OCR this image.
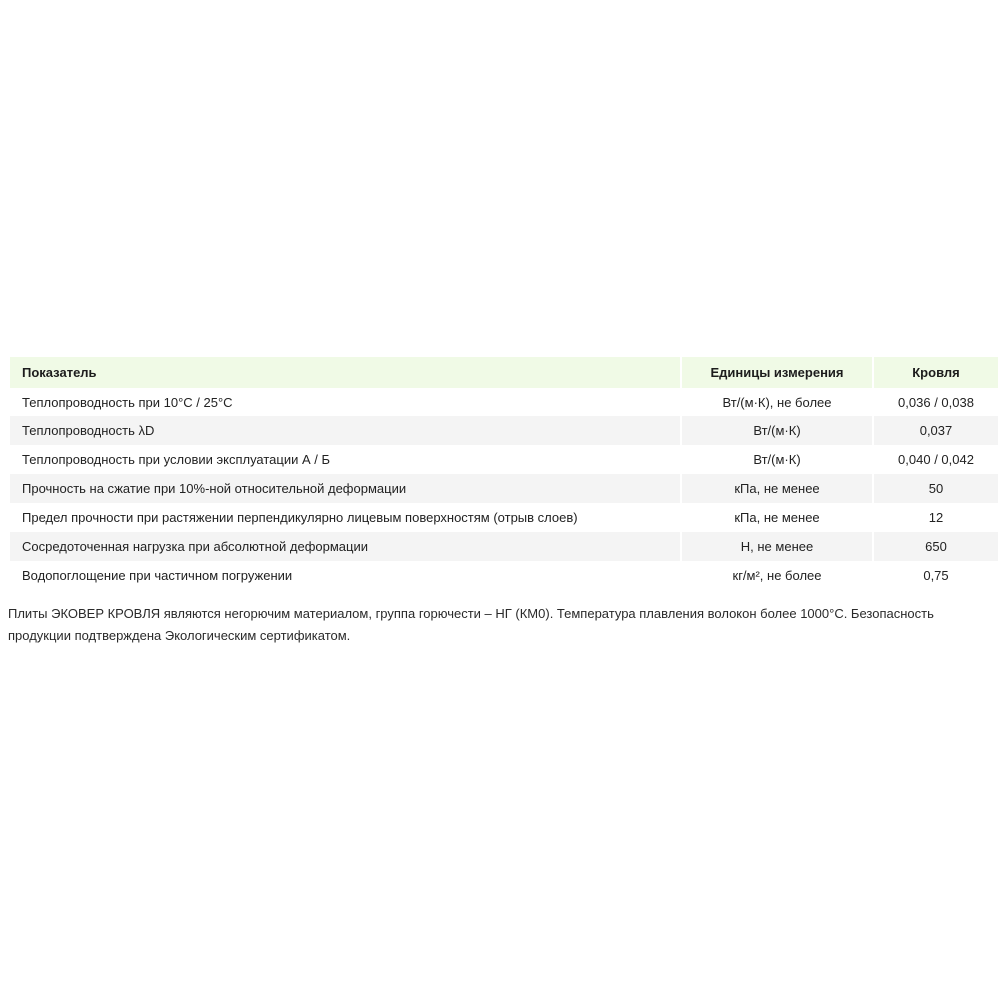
Показатель	Единицы измерения	Кровля
Теплопроводность при 10°C / 25°C	Вт/(м·К), не более	0,036 / 0,038
Теплопроводность λD	Вт/(м·К)	0,037
Теплопроводность при условии эксплуатации А / Б	Вт/(м·К)	0,040 / 0,042
Прочность на сжатие при 10%-ной относительной деформации	кПа, не менее	50
Предел прочности при растяжении перпендикулярно лицевым поверхностям (отрыв слоев)	кПа, не менее	12
Сосредоточенная нагрузка при абсолютной деформации	Н, не менее	650
Водопоглощение при частичном погружении	кг/м², не более	0,75

Плиты ЭКОВЕР КРОВЛЯ являются негорючим материалом, группа горючести – НГ (КМ0). Температура плавления волокон более 1000°C. Безопасность продукции подтверждена Экологическим сертификатом.
